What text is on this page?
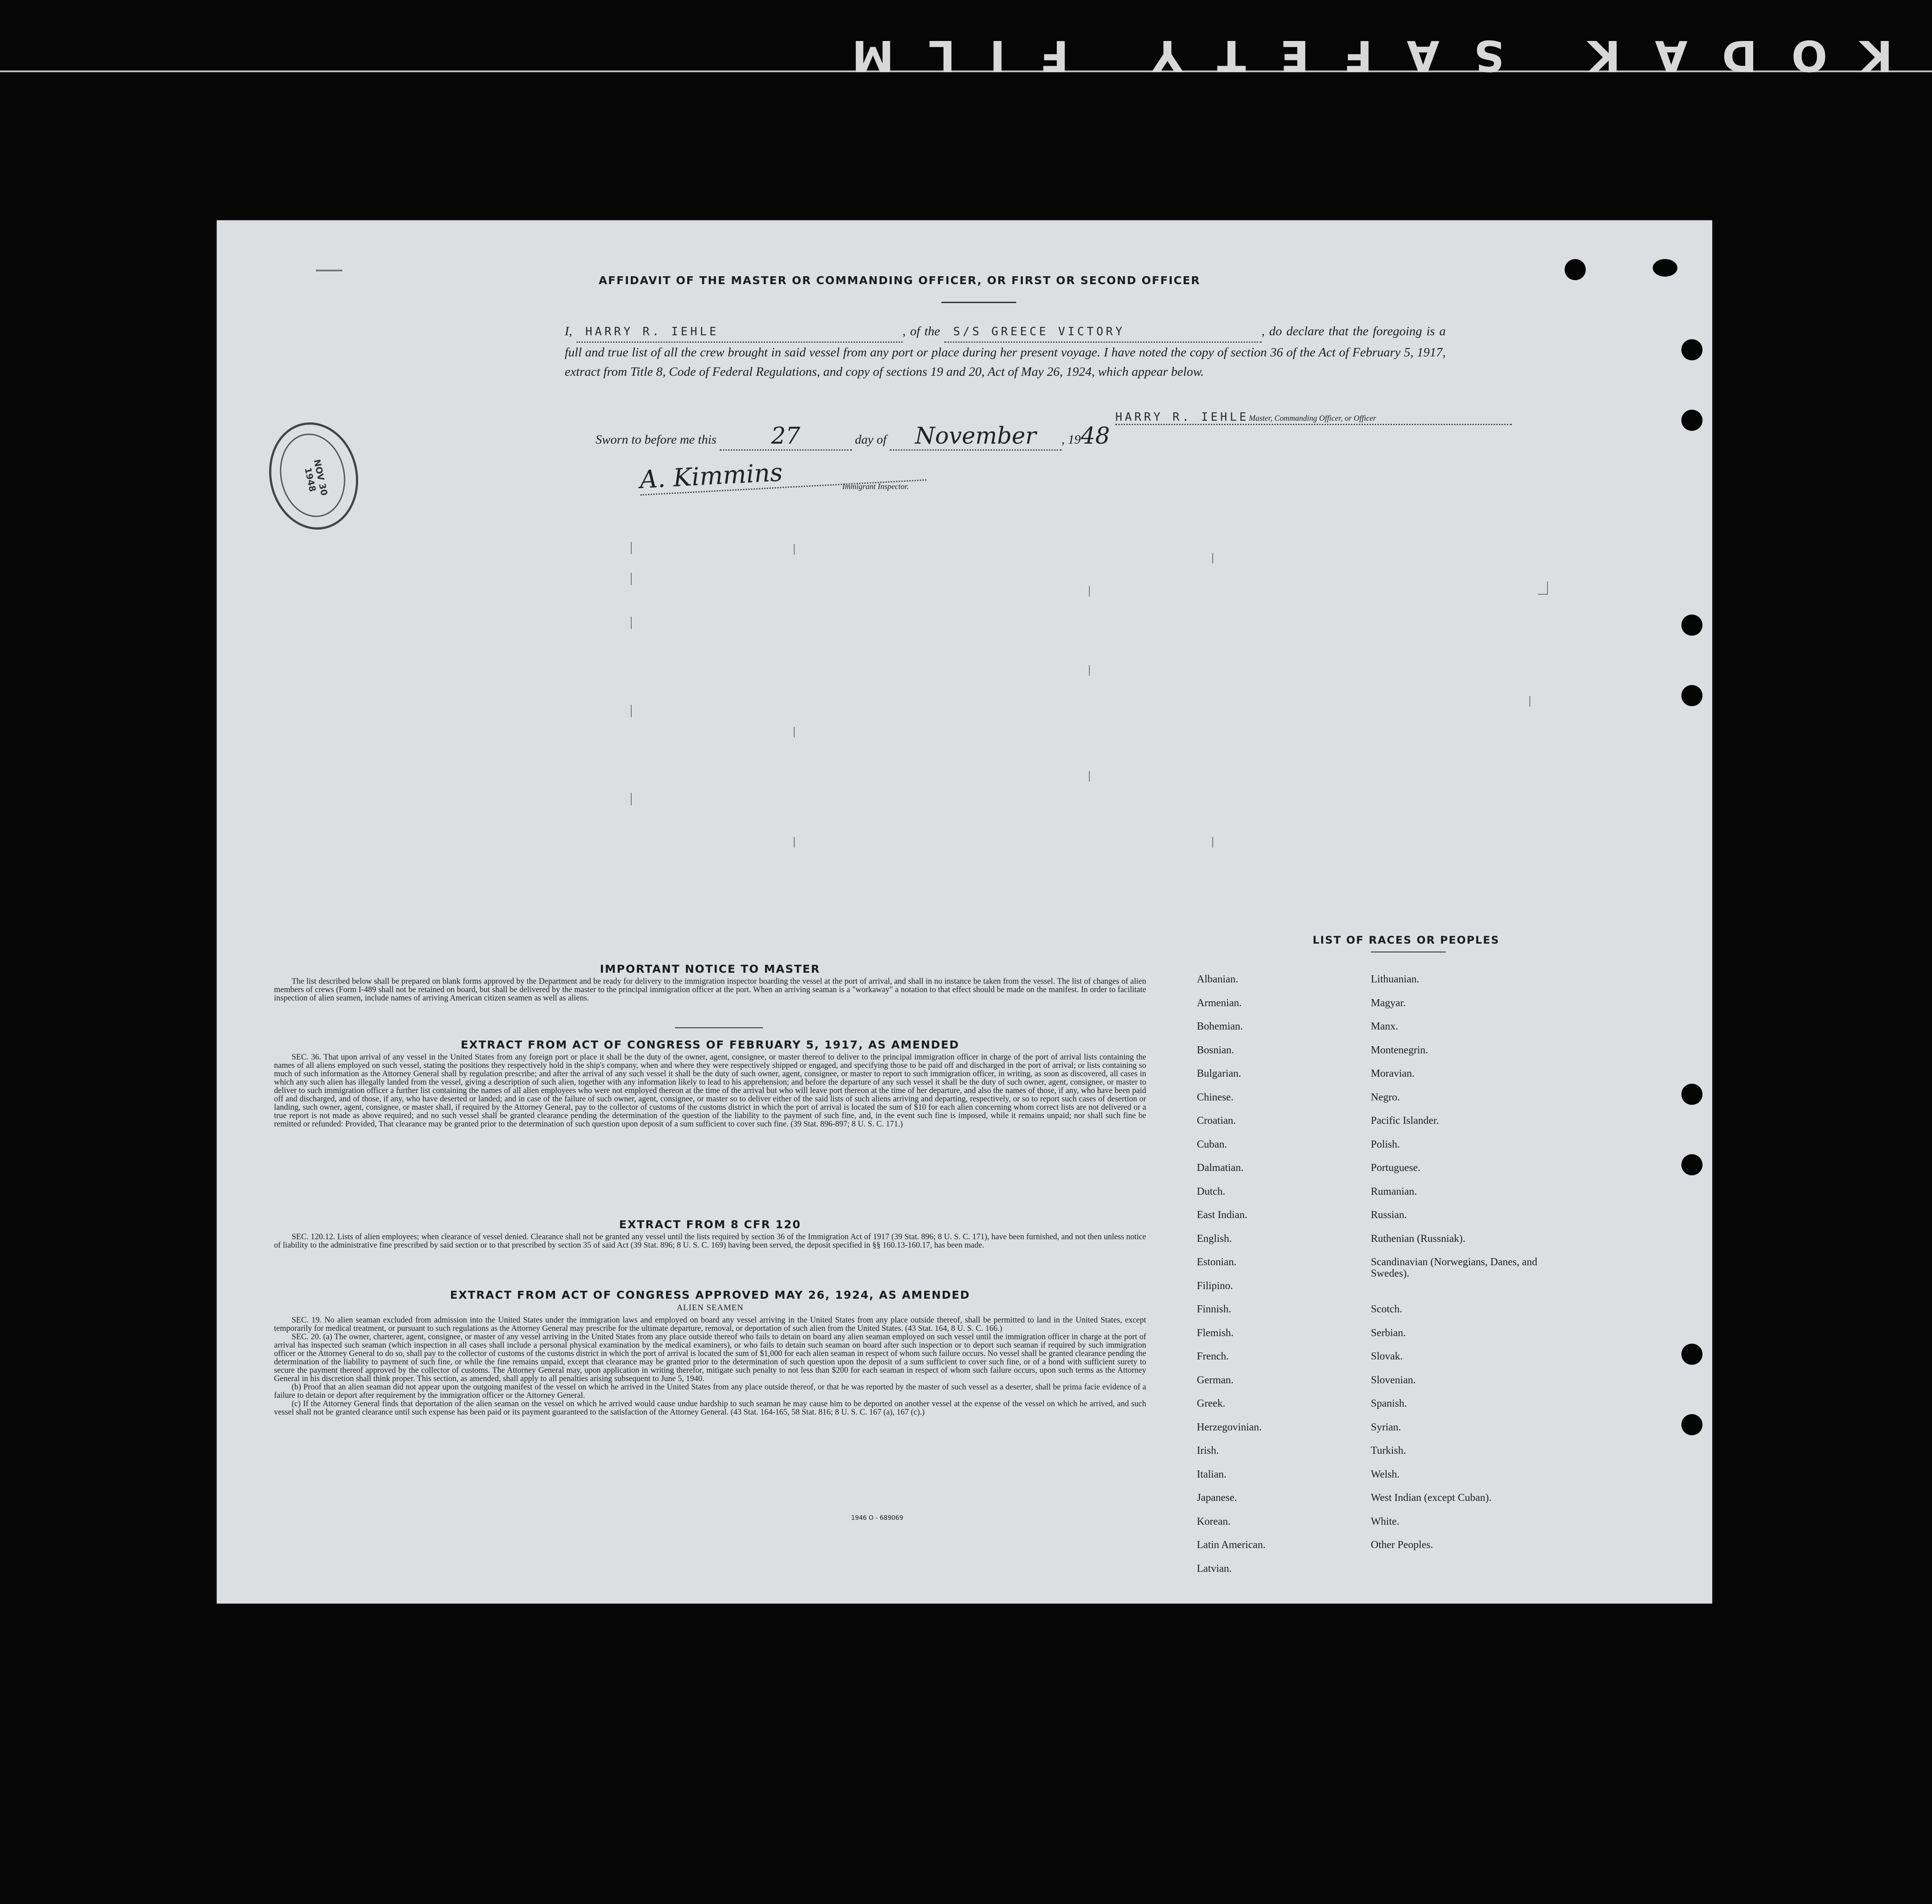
KODAK SAFETY FILM
AFFIDAVIT OF THE MASTER OR COMMANDING OFFICER, OR FIRST OR SECOND OFFICER
I, HARRY R. IEHLE	, of the S/S GREECE VICTORY	, do declare that the foregoing is a full and true list of all the crew brought in said vessel from any port or place during her present voyage. I have noted the copy of section 36 of the Act of February 5, 1917, extract from Title 8, Code of Federal Regulations, and copy of sections 19 and 20, Act of May 26, 1924, which appear below.
HARRY R. IEHLEMaster, Commanding Officer, or Officer
Sworn to before me this 27	day of November , 1948
A. Kimmins	Immigrant Inspector.
NOV 30 1948
IMPORTANT NOTICE TO MASTER

The list described below shall be prepared on blank forms approved by the Department and be ready for delivery to the immigration inspector boarding the vessel at the port of arrival, and shall in no instance be taken from the vessel. The list of changes of alien members of crews (Form I-489 shall not be retained on board, but shall be delivered by the master to the principal immigration officer at the port. When an arriving seaman is a "workaway" a notation to that effect should be made on the manifest. In order to facilitate inspection of alien seamen, include names of arriving American citizen seamen as well as aliens.

EXTRACT FROM ACT OF CONGRESS OF FEBRUARY 5, 1917, AS AMENDED

SEC. 36. That upon arrival of any vessel in the United States from any foreign port or place it shall be the duty of the owner, agent, consignee, or master thereof to deliver to the principal immigration officer in charge of the port of arrival lists containing the names of all aliens employed on such vessel, stating the positions they respectively hold in the ship's company, when and where they were respectively shipped or engaged, and specifying those to be paid off and discharged in the port of arrival; or lists containing so much of such information as the Attorney General shall by regulation prescribe; and after the arrival of any such vessel it shall be the duty of such owner, agent, consignee, or master to report to such immigration officer, in writing, as soon as discovered, all cases in which any such alien has illegally landed from the vessel, giving a description of such alien, together with any information likely to lead to his apprehension; and before the departure of any such vessel it shall be the duty of such owner, agent, consignee, or master to deliver to such immigration officer a further list containing the names of all alien employees who were not employed thereon at the time of the arrival but who will leave port thereon at the time of her departure, and also the names of those, if any, who have been paid off and discharged, and of those, if any, who have deserted or landed; and in case of the failure of such owner, agent, consignee, or master so to deliver either of the said lists of such aliens arriving and departing, respectively, or so to report such cases of desertion or landing, such owner, agent, consignee, or master shall, if required by the Attorney General, pay to the collector of customs of the customs district in which the port of arrival is located the sum of $10 for each alien concerning whom correct lists are not delivered or a true report is not made as above required; and no such vessel shall be granted clearance pending the determination of the question of the liability to the payment of such fine, and, in the event such fine is imposed, while it remains unpaid; nor shall such fine be remitted or refunded: Provided, That clearance may be granted prior to the determination of such question upon deposit of a sum sufficient to cover such fine. (39 Stat. 896-897; 8 U. S. C. 171.)

EXTRACT FROM 8 CFR 120

SEC. 120.12. Lists of alien employees; when clearance of vessel denied. Clearance shall not be granted any vessel until the lists required by section 36 of the Immigration Act of 1917 (39 Stat. 896; 8 U. S. C. 171), have been furnished, and not then unless notice of liability to the administrative fine prescribed by said section or to that prescribed by section 35 of said Act (39 Stat. 896; 8 U. S. C. 169) having been served, the deposit specified in §§ 160.13-160.17, has been made.

EXTRACT FROM ACT OF CONGRESS APPROVED MAY 26, 1924, AS AMENDED
ALIEN SEAMEN

SEC. 19. No alien seaman excluded from admission into the United States under the immigration laws and employed on board any vessel arriving in the United States from any place outside thereof, shall be permitted to land in the United States, except temporarily for medical treatment, or pursuant to such regulations as the Attorney General may prescribe for the ultimate departure, removal, or deportation of such alien from the United States. (43 Stat. 164, 8 U. S. C. 166.)

SEC. 20. (a) The owner, charterer, agent, consignee, or master of any vessel arriving in the United States from any place outside thereof who fails to detain on board any alien seaman employed on such vessel until the immigration officer in charge at the port of arrival has inspected such seaman (which inspection in all cases shall include a personal physical examination by the medical examiners), or who fails to detain such seaman on board after such inspection or to deport such seaman if required by such immigration officer or the Attorney General to do so, shall pay to the collector of customs of the customs district in which the port of arrival is located the sum of $1,000 for each alien seaman in respect of whom such failure occurs. No vessel shall be granted clearance pending the determination of the liability to payment of such fine, or while the fine remains unpaid, except that clearance may be granted prior to the determination of such question upon the deposit of a sum sufficient to cover such fine, or of a bond with sufficient surety to secure the payment thereof approved by the collector of customs. The Attorney General may, upon application in writing therefor, mitigate such penalty to not less than $200 for each seaman in respect of whom such failure occurs, upon such terms as the Attorney General in his discretion shall think proper. This section, as amended, shall apply to all penalties arising subsequent to June 5, 1940.

(b) Proof that an alien seaman did not appear upon the outgoing manifest of the vessel on which he arrived in the United States from any place outside thereof, or that he was reported by the master of such vessel as a deserter, shall be prima facie evidence of a failure to detain or deport after requirement by the immigration officer or the Attorney General.

(c) If the Attorney General finds that deportation of the alien seaman on the vessel on which he arrived would cause undue hardship to such seaman he may cause him to be deported on another vessel at the expense of the vessel on which he arrived, and such vessel shall not be granted clearance until such expense has been paid or its payment guaranteed to the satisfaction of the Attorney General. (43 Stat. 164-165, 58 Stat. 816; 8 U. S. C. 167 (a), 167 (c).)

1946 O - 689069
LIST OF RACES OR PEOPLES
Albanian.
Armenian.
Bohemian.
Bosnian.
Bulgarian.
Chinese.
Croatian.
Cuban.
Dalmatian.
Dutch.
East Indian.
English.
Estonian.
Filipino.
Finnish.
Flemish.
French.
German.
Greek.
Herzegovinian.
Irish.
Italian.
Japanese.
Korean.
Latin American.
Latvian.
Lithuanian.
Magyar.
Manx.
Montenegrin.
Moravian.
Negro.
Pacific Islander.
Polish.
Portuguese.
Rumanian.
Russian.
Ruthenian (Russniak).
Scandinavian (Norwegians, Danes, and Swedes).
Scotch.
Serbian.
Slovak.
Slovenian.
Spanish.
Syrian.
Turkish.
Welsh.
West Indian (except Cuban).
White.
Other Peoples.
